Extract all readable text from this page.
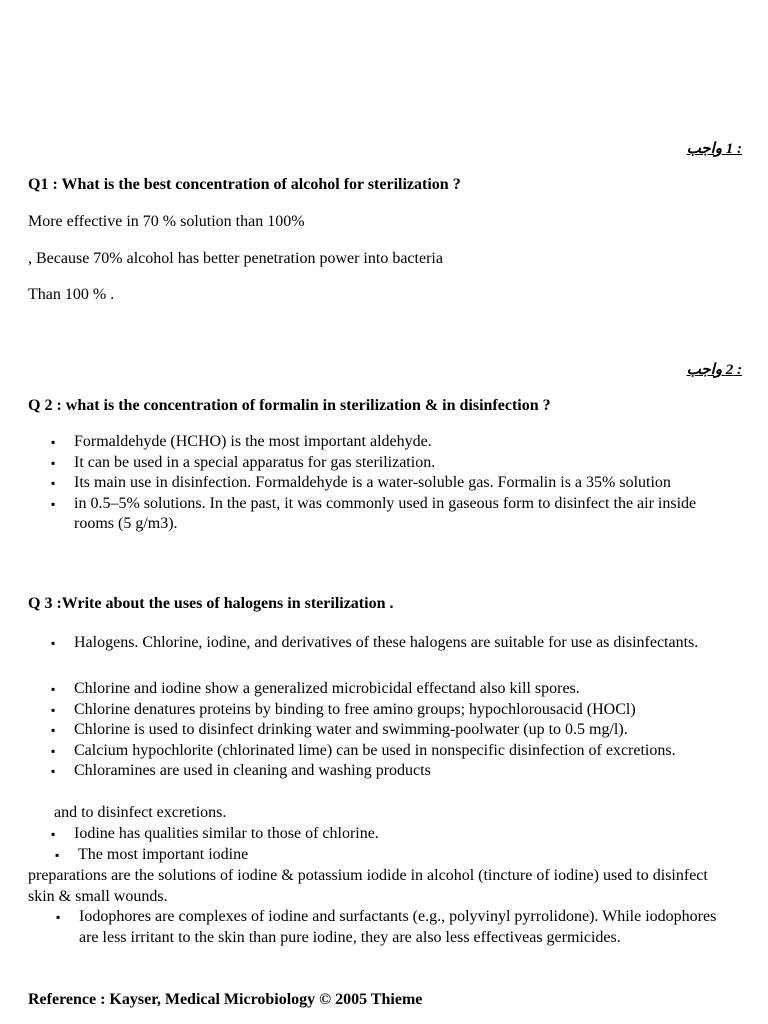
: 1 واجب
Q1 : What is the best concentration of alcohol for sterilization ?
More effective in 70 % solution than 100%
, Because 70% alcohol has better penetration power into bacteria
Than 100 % .
: 2 واجب
Q 2 : what is the concentration of formalin in sterilization & in disinfection ?
▪ Formaldehyde (HCHO) is the most important aldehyde.
▪ It can be used in a special apparatus for gas sterilization.
▪ Its main use in disinfection. Formaldehyde is a water-soluble gas. Formalin is a 35% solution
▪ in 0.5–5% solutions. In the past, it was commonly used in gaseous form to disinfect the air inside rooms (5 g/m3).
Q 3 :Write about the uses of halogens in sterilization .
▪ Halogens. Chlorine, iodine, and derivatives of these halogens are suitable for use as disinfectants.
▪ Chlorine and iodine show a generalized microbicidal effectand also kill spores.
▪ Chlorine denatures proteins by binding to free amino groups; hypochlorousacid (HOCl)
▪ Chlorine is used to disinfect drinking water and swimming-poolwater (up to 0.5 mg/l).
▪ Calcium hypochlorite (chlorinated lime) can be used in nonspecific disinfection of excretions.
▪ Chloramines are used in cleaning and washing products
and to disinfect excretions.
▪ Iodine has qualities similar to those of chlorine.
▪ The most important iodine
preparations are the solutions of iodine & potassium iodide in alcohol (tincture of iodine) used to disinfect skin & small wounds.
▪ Iodophores are complexes of iodine and surfactants (e.g., polyvinyl pyrrolidone). While iodophores are less irritant to the skin than pure iodine, they are also less effectiveas germicides.
Reference : Kayser, Medical Microbiology © 2005 Thieme
